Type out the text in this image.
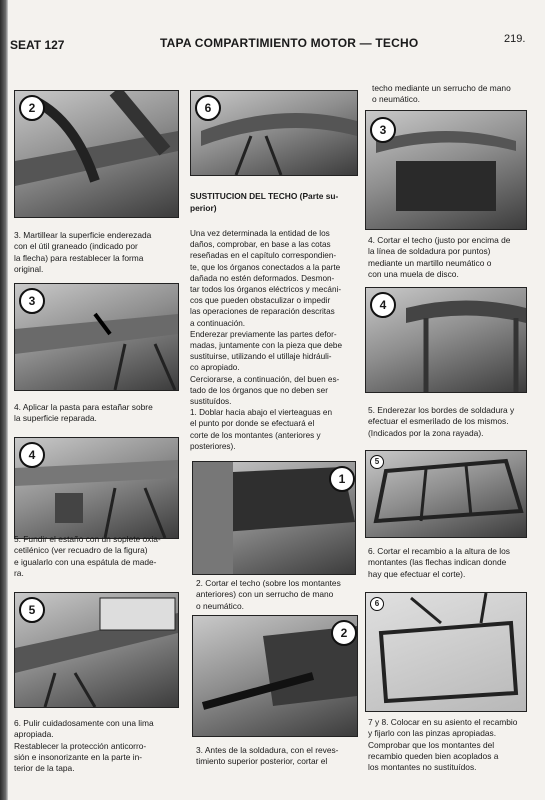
SEAT 127	TAPA COMPARTIMIENTO MOTOR — TECHO	219.
2
3. Martillear la superficie enderezada
con el útil graneado (indicado por
la flecha) para restablecer la forma
original.
3
4. Aplicar la pasta para estañar sobre
la superficie reparada.
4
5. Fundir el estaño con un soplete oxia-
cetilénico (ver recuadro de la figura)
e igualarlo con una espátula de made-
ra.
5
6. Pulir cuidadosamente con una lima
apropiada.
Restablecer la protección anticorro-
sión e insonorizante en la parte in-
terior de la tapa.
6
SUSTITUCION DEL TECHO (Parte su-
perior)
Una vez determinada la entidad de los
daños, comprobar, en base a las cotas
reseñadas en el capítulo correspondien-
te, que los órganos conectados a la parte
dañada no estén deformados. Desmon-
tar todos los órganos eléctricos y mecáni-
cos que pueden obstaculizar o impedir
las operaciones de reparación descritas
a continuación.
Enderezar previamente las partes defor-
madas, juntamente con la pieza que debe
sustituirse, utilizando el utillaje hidráuli-
co apropiado.
Cerciorarse, a continuación, del buen es-
tado de los órganos que no deben ser
sustituídos.
1. Doblar hacia abajo el vierteaguas en
el punto por donde se efectuará el
corte de los montantes (anteriores y
posteriores).
1
2. Cortar el techo (sobre los montantes
anteriores) con un serrucho de mano
o neumático.
2
3. Antes de la soldadura, con el reves-
timiento superior posterior, cortar el
techo mediante un serrucho de mano
o neumático.
3
4. Cortar el techo (justo por encima de
la línea de soldadura por puntos)
mediante un martillo neumático o
con una muela de disco.
4
5. Enderezar los bordes de soldadura y
efectuar el esmerilado de los mismos.
(Indicados por la zona rayada).
5
6. Cortar el recambio a la altura de los
montantes (las flechas indican donde
hay que efectuar el corte).
6
7 y 8. Colocar en su asiento el recambio
y fijarlo con las pinzas apropiadas.
Comprobar que los montantes del
recambio queden bien acoplados a
los montantes no sustituídos.
